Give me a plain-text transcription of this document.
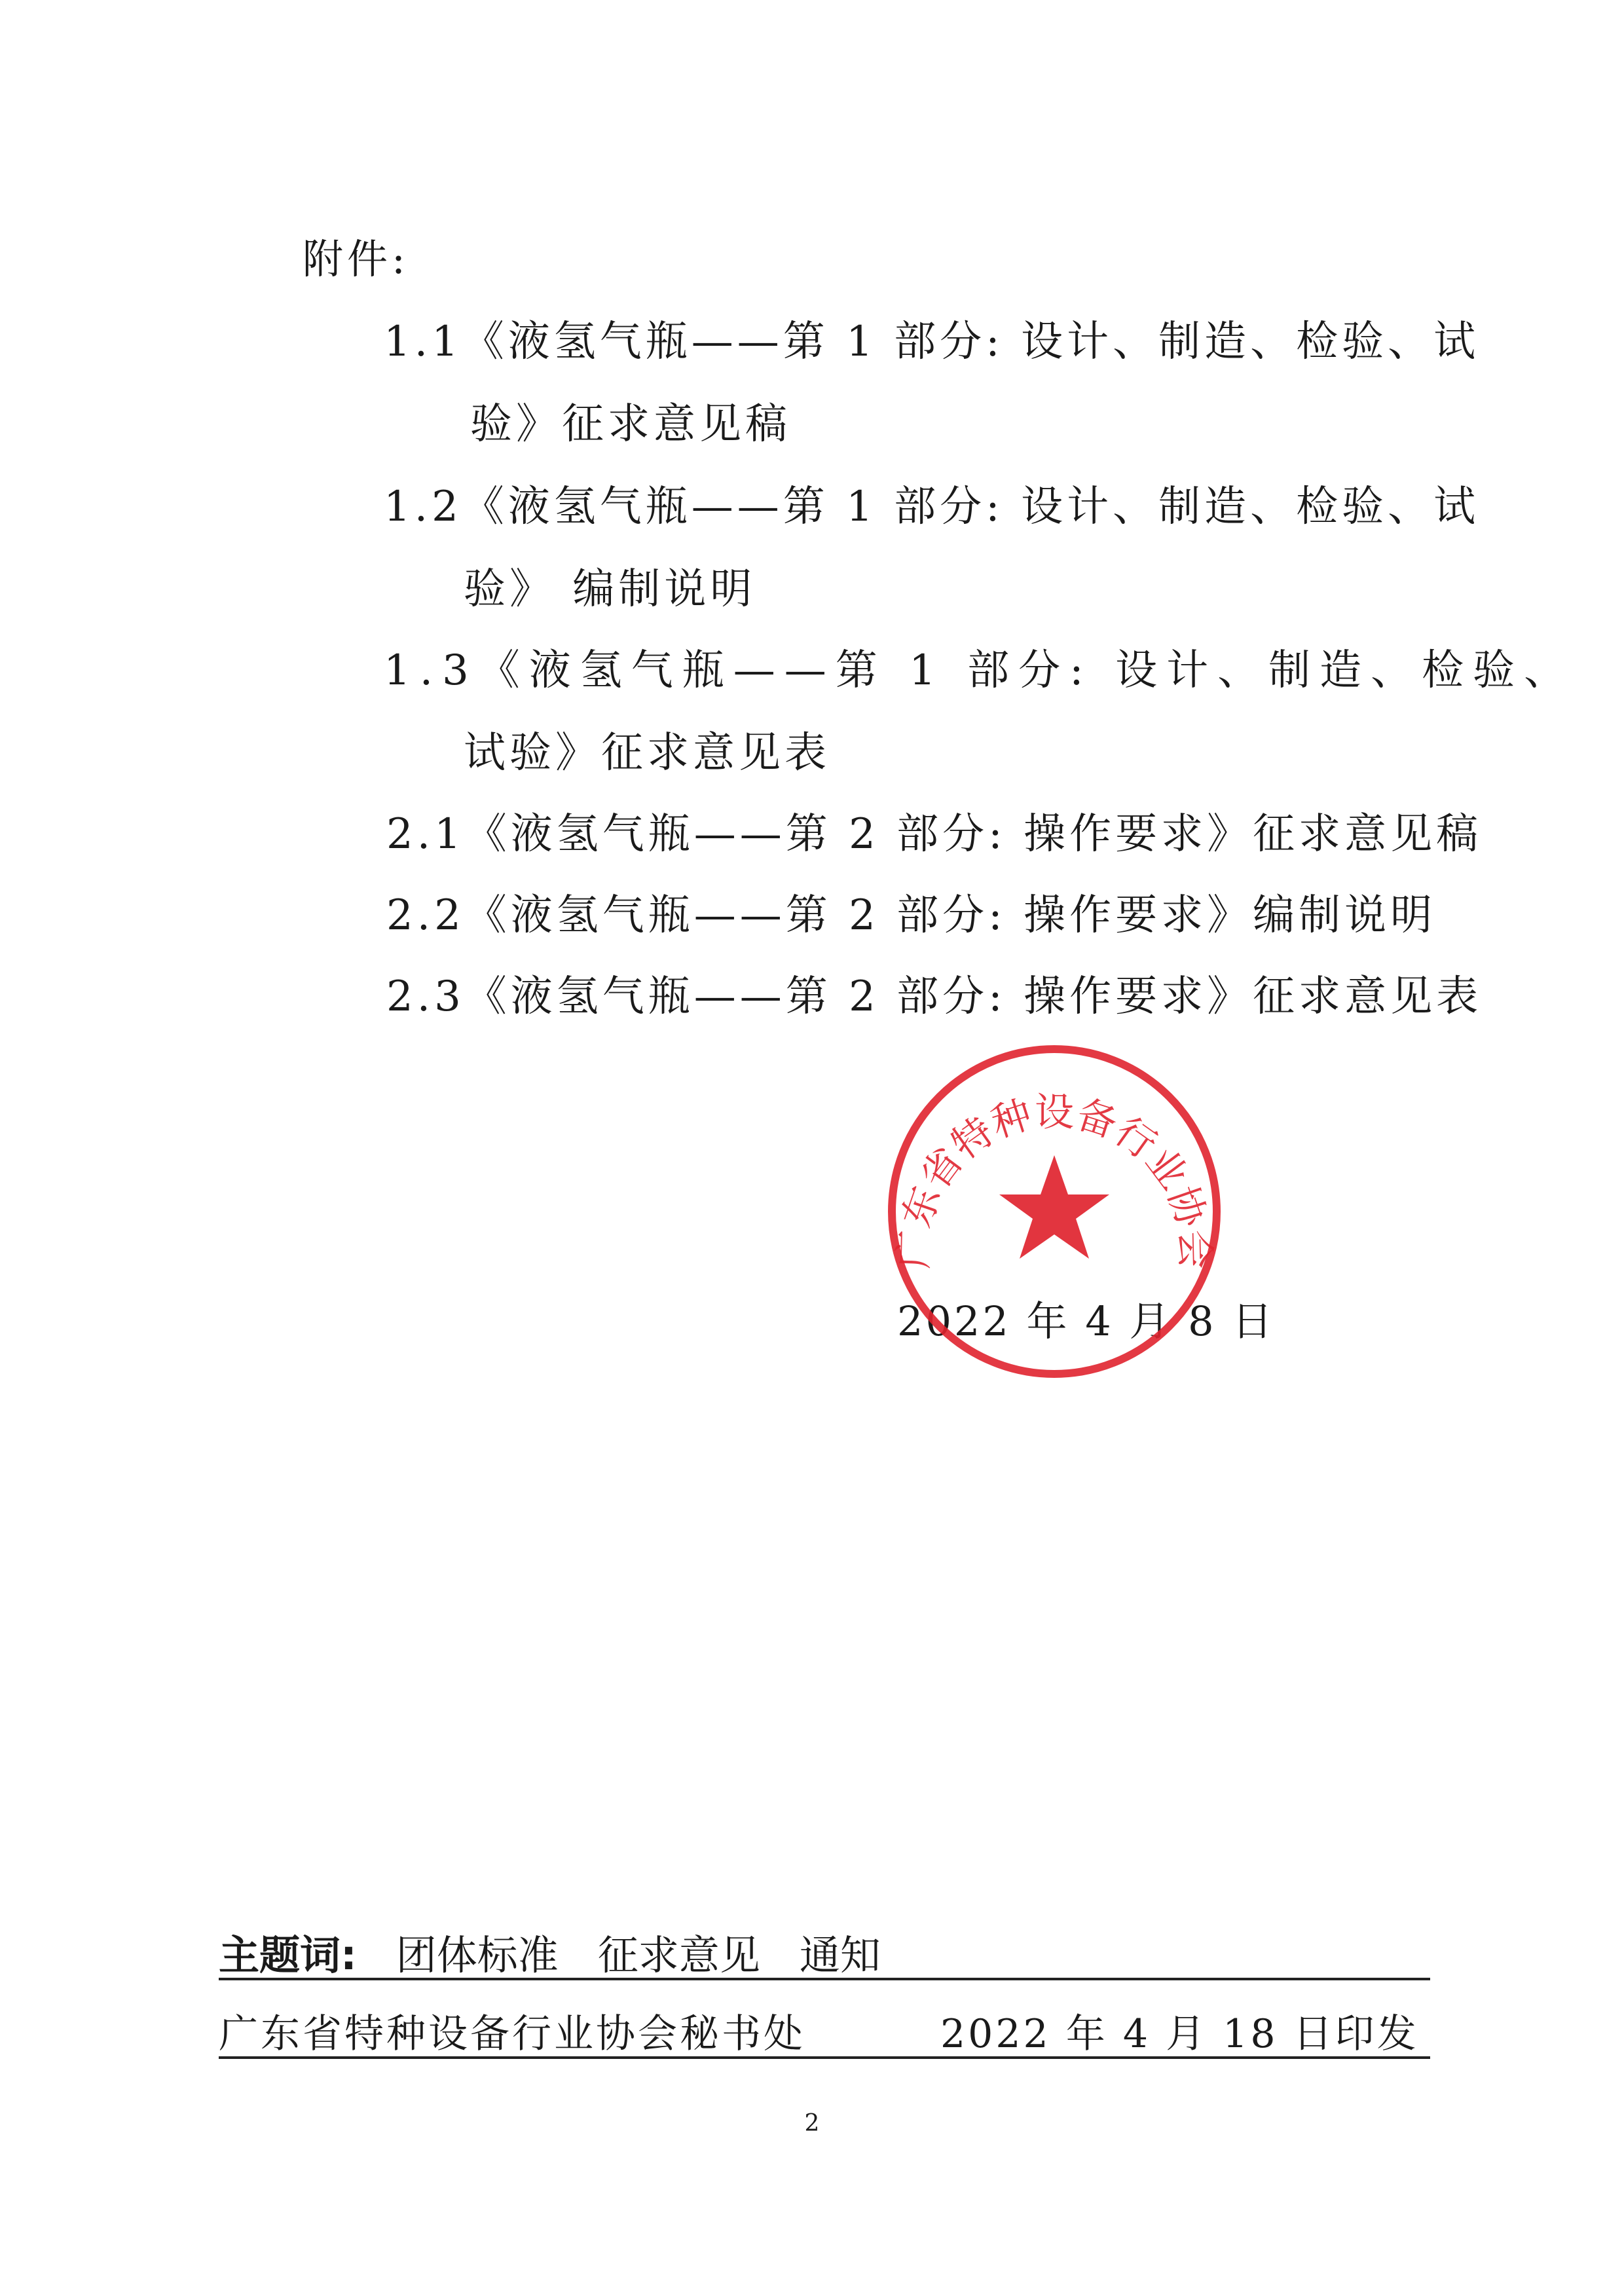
附件:
1.1《液氢气瓶——第 1 部分: 设计、制造、检验、试
验》征求意见稿
1.2《液氢气瓶——第 1 部分: 设计、制造、检验、试
验》 编制说明
1.3《液氢气瓶——第 1 部分: 设计、制造、检验、
试验》征求意见表
2.1《液氢气瓶——第 2 部分: 操作要求》征求意见稿
2.2《液氢气瓶——第 2 部分: 操作要求》编制说明
2.3《液氢气瓶——第 2 部分: 操作要求》征求意见表
2022 年 4 月 8 日
广东省特种设备行业协会
主题词: 团体标准 征求意见 通知
广东省特种设备行业协会秘书处	2022 年 4 月 18 日印发
2
